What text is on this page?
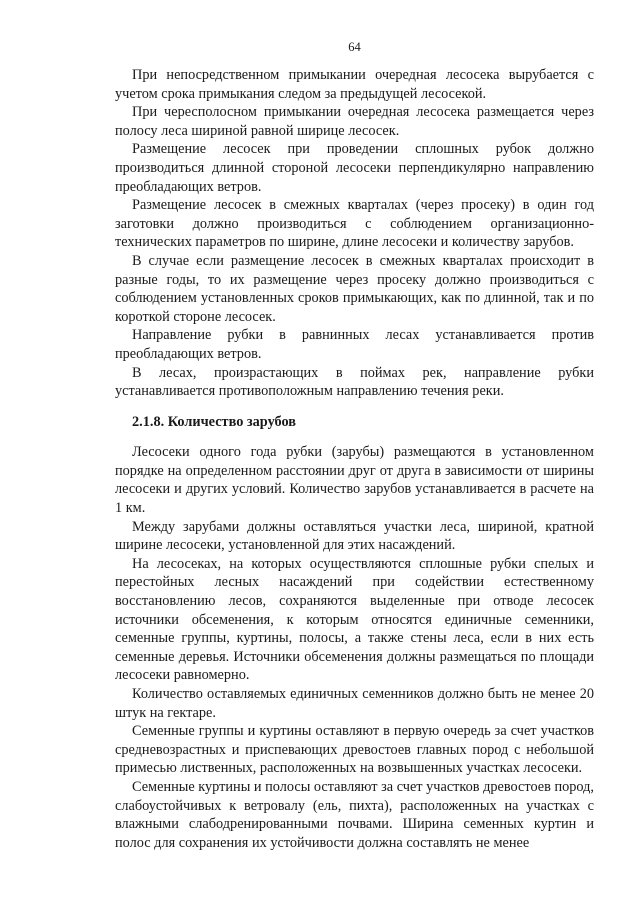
64

При непосредственном примыкании очередная лесосека вырубается с учетом срока примыкания следом за предыдущей лесосекой.

При чересполосном примыкании очередная лесосека размещается через полосу леса шириной равной ширице лесосек.

Размещение лесосек при проведении сплошных рубок должно производиться длинной стороной лесосеки перпендикулярно направлению преобладающих ветров.

Размещение лесосек в смежных кварталах (через просеку) в один год заготовки должно производиться с соблюдением организационно-технических параметров по ширине, длине лесосеки и количеству зарубов.

В случае если размещение лесосек в смежных кварталах происходит в разные годы, то их размещение через просеку должно производиться с соблюдением установленных сроков примыкающих, как по длинной, так и по короткой стороне лесосек.

Направление рубки в равнинных лесах устанавливается против преобладающих ветров.

В лесах, произрастающих в поймах рек, направление рубки устанавливается противоположным направлению течения реки.

2.1.8. Количество зарубов

Лесосеки одного года рубки (зарубы) размещаются в установленном порядке на определенном расстоянии друг от друга в зависимости от ширины лесосеки и других условий. Количество зарубов устанавливается в расчете на 1 км.

Между зарубами должны оставляться участки леса, шириной, кратной ширине лесосеки, установленной для этих насаждений.

На лесосеках, на которых осуществляются сплошные рубки спелых и перестойных лесных насаждений при содействии естественному восстановлению лесов, сохраняются выделенные при отводе лесосек источники обсеменения, к которым относятся единичные семенники, семенные группы, куртины, полосы, а также стены леса, если в них есть семенные деревья. Источники обсеменения должны размещаться по площади лесосеки равномерно.

Количество оставляемых единичных семенников должно быть не менее 20 штук на гектаре.

Семенные группы и куртины оставляют в первую очередь за счет участков средневозрастных и приспевающих древостоев главных пород с небольшой примесью лиственных, расположенных на возвышенных участках лесосеки.

Семенные куртины и полосы оставляют за счет участков древостоев пород, слабоустойчивых к ветровалу (ель, пихта), расположенных на участках с влажными слабодренированными почвами. Ширина семенных куртин и полос для сохранения их устойчивости должна составлять не менее
